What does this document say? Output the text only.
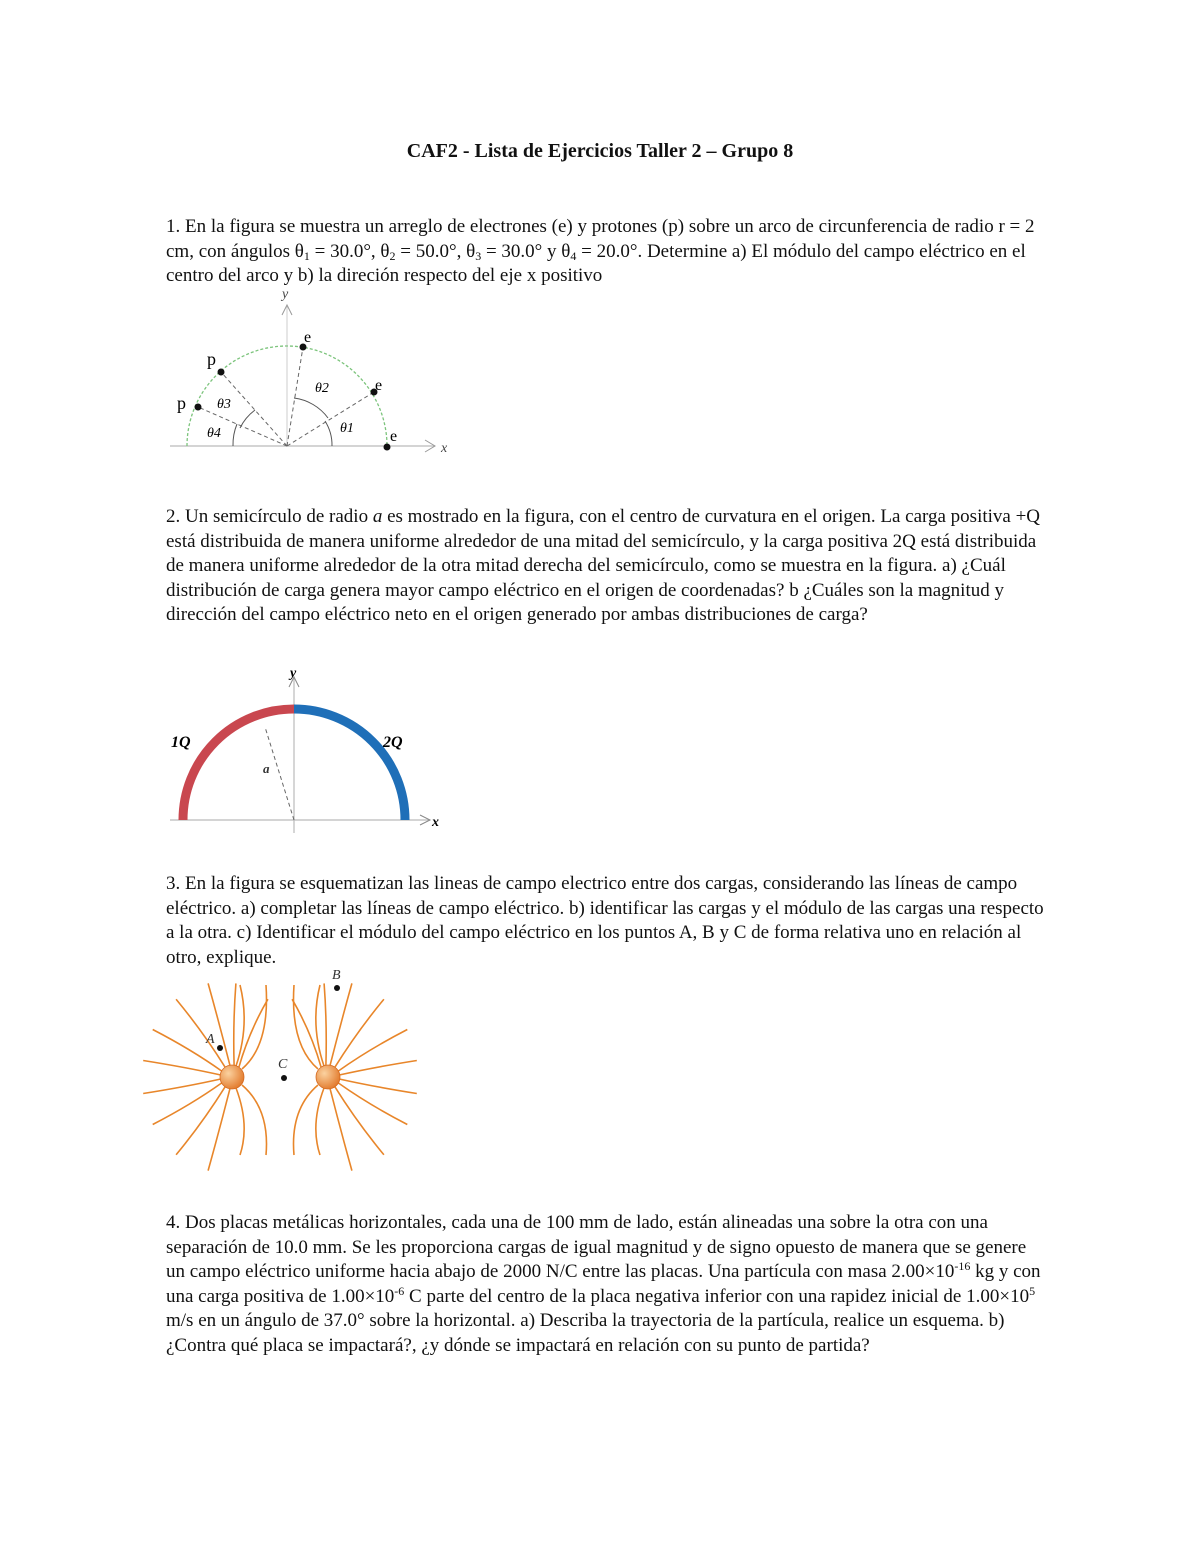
CAF2 - Lista de Ejercicios Taller 2 – Grupo 8

1. En la figura se muestra un arreglo de electrones (e) y protones (p) sobre un arco de circunferencia de radio r = 2 cm, con ángulos $\theta_1 = 30.0^\circ$, $\theta_2 = 50.0^\circ$, $\theta_3 = 30.0^\circ$ y $\theta_4 = 20.0^\circ$. Determine a) El módulo del campo eléctrico en el centro del arco y b) la direción respecto del eje x positivo

y
x
e
e
e
p
p
θ1
θ2
θ3
θ4

2. Un semicírculo de radio a es mostrado en la figura, con el centro de curvatura en el origen. La carga positiva +Q está distribuida de manera uniforme alrededor de una mitad del semicírculo, y la carga positiva 2Q está distribuida de manera uniforme alrededor de la otra mitad derecha del semicírculo, como se muestra en la figura. a) ¿Cuál distribución de carga genera mayor campo eléctrico en el origen de coordenadas? b ¿Cuáles son la magnitud y dirección del campo eléctrico neto en el origen generado por ambas distribuciones de carga?

y
x
a
1Q	2Q

3. En la figura se esquematizan las lineas de campo electrico entre dos cargas, considerando las líneas de campo eléctrico. a) completar las líneas de campo eléctrico. b) identificar las cargas y el módulo de las cargas una respecto a la otra. c) Identificar el módulo del campo eléctrico en los puntos A, B y C de forma relativa uno en relación al otro, explique.

A
B
C

4. Dos placas metálicas horizontales, cada una de 100 mm de lado, están alineadas una sobre la otra con una separación de 10.0 mm. Se les proporciona cargas de igual magnitud y de signo opuesto de manera que se genere un campo eléctrico uniforme hacia abajo de 2000 N/C entre las placas. Una partícula con masa $2.00\times 10^{-16}$ kg y con una carga positiva de $1.00\times 10^{-6}$ C parte del centro de la placa negativa inferior con una rapidez inicial de $1.00\times 10^5$ m/s en un ángulo de 37.0° sobre la horizontal. a) Describa la trayectoria de la partícula, realice un esquema. b) ¿Contra qué placa se impactará?, ¿y dónde se impactará en relación con su punto de partida?
